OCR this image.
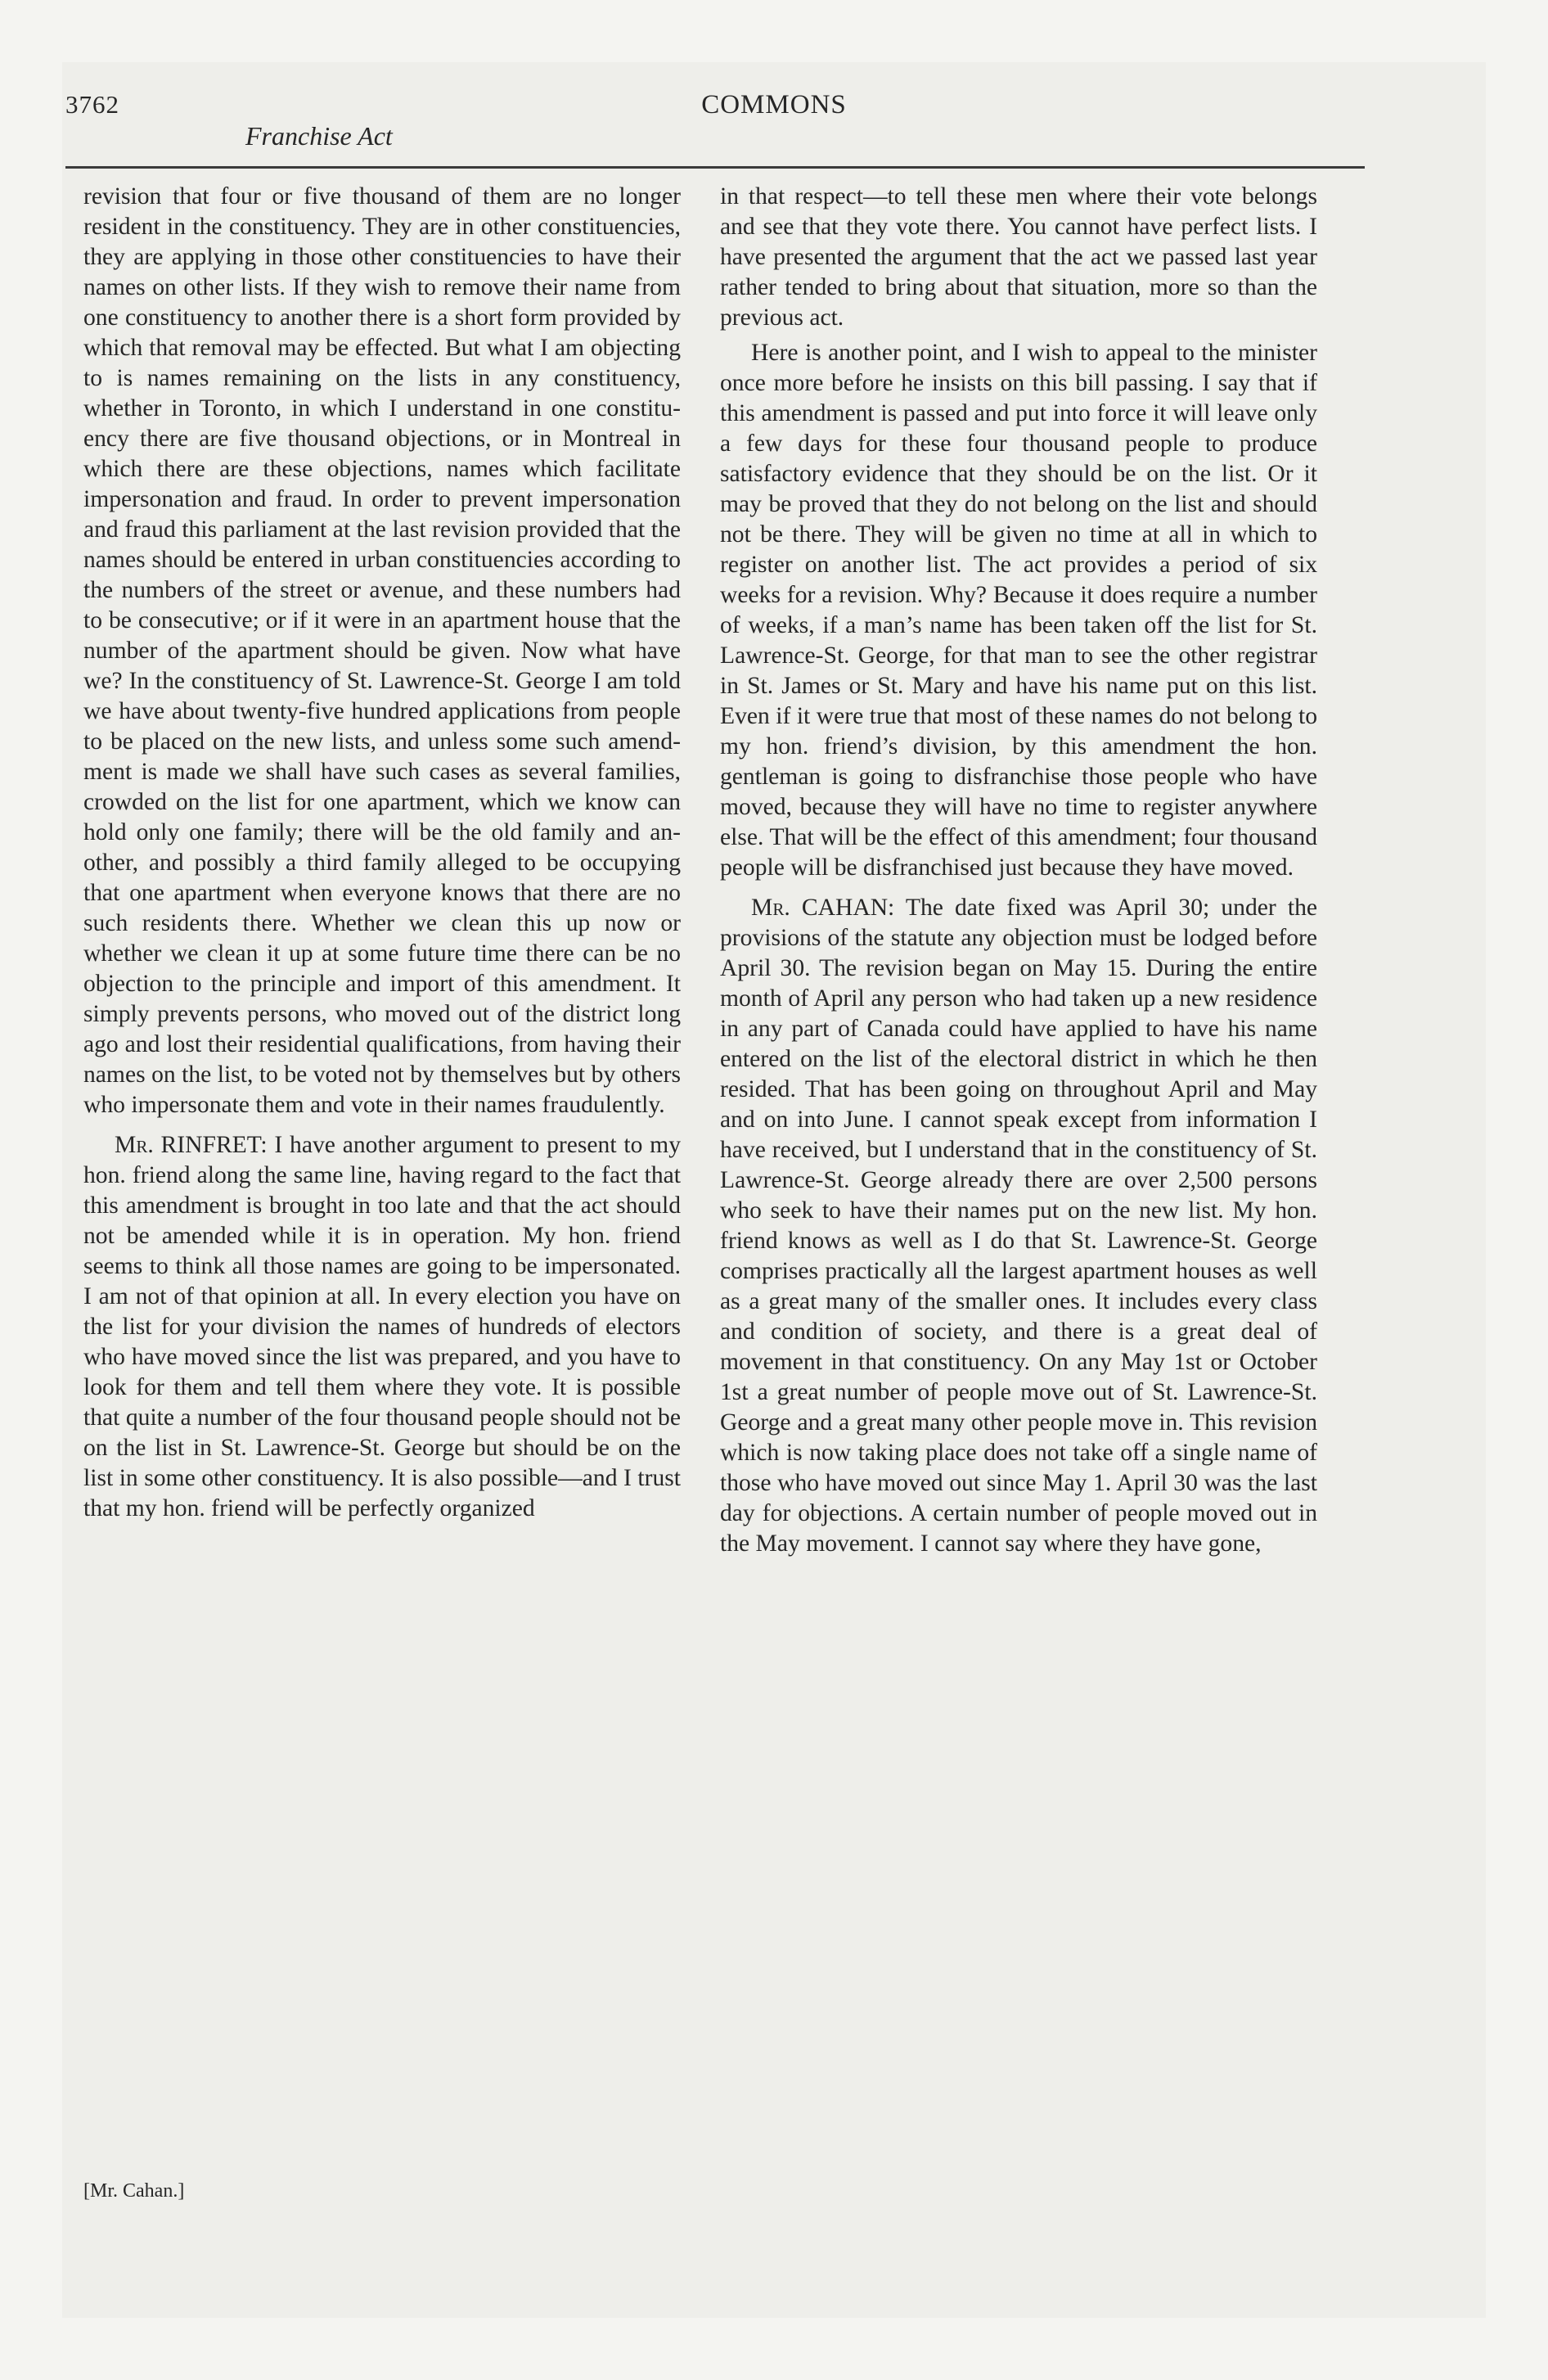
3762	COMMONS
Franchise Act

revision that four or five thousand of them are no longer resident in the constituency. They are in other constituencies, they are applying in those other constituencies to have their names on other lists. If they wish to remove their name from one constituency to another there is a short form provided by which that removal may be effected. But what I am objecting to is names remaining on the lists in any constituency, whether in Toronto, in which I understand in one constituency there are five thousand objections, or in Montreal in which there are these objections, names which facilitate impersonation and fraud. In order to prevent impersonation and fraud this parliament at the last revision provided that the names should be entered in urban constituencies according to the numbers of the street or avenue, and these numbers had to be consecutive; or if it were in an apartment house that the number of the apartment should be given. Now what have we? In the constituency of St. Lawrence-St. George I am told we have about twenty-five hundred applications from people to be placed on the new lists, and unless some such amendment is made we shall have such cases as several families, crowded on the list for one apartment, which we know can hold only one family; there will be the old family and another, and possibly a third family alleged to be occupying that one apartment when everyone knows that there are no such residents there. Whether we clean this up now or whether we clean it up at some future time there can be no objection to the principle and import of this amendment. It simply prevents persons, who moved out of the district long ago and lost their residential qualifications, from having their names on the list, to be voted not by themselves but by others who impersonate them and vote in their names fraudulently.

Mr. RINFRET: I have another argument to present to my hon. friend along the same line, having regard to the fact that this amendment is brought in too late and that the act should not be amended while it is in operation. My hon. friend seems to think all those names are going to be impersonated. I am not of that opinion at all. In every election you have on the list for your division the names of hundreds of electors who have moved since the list was prepared, and you have to look for them and tell them where they vote. It is possible that quite a number of the four thousand people should not be on the list in St. Lawrence-St. George but should be on the list in some other constituency. It is also possible—and I trust that my hon. friend will be perfectly organized

in that respect—to tell these men where their vote belongs and see that they vote there. You cannot have perfect lists. I have presented the argument that the act we passed last year rather tended to bring about that situation, more so than the previous act.

Here is another point, and I wish to appeal to the minister once more before he insists on this bill passing. I say that if this amendment is passed and put into force it will leave only a few days for these four thousand people to produce satisfactory evidence that they should be on the list. Or it may be proved that they do not belong on the list and should not be there. They will be given no time at all in which to register on another list. The act provides a period of six weeks for a revision. Why? Because it does require a number of weeks, if a man’s name has been taken off the list for St. Lawrence-St. George, for that man to see the other registrar in St. James or St. Mary and have his name put on this list. Even if it were true that most of these names do not belong to my hon. friend’s division, by this amendment the hon. gentleman is going to disfranchise those people who have moved, because they will have no time to register anywhere else. That will be the effect of this amendment; four thousand people will be disfranchised just because they have moved.

Mr. CAHAN: The date fixed was April 30; under the provisions of the statute any objection must be lodged before April 30. The revision began on May 15. During the entire month of April any person who had taken up a new residence in any part of Canada could have applied to have his name entered on the list of the electoral district in which he then resided. That has been going on throughout April and May and on into June. I cannot speak except from information I have received, but I understand that in the constituency of St. Lawrence-St. George already there are over 2,500 persons who seek to have their names put on the new list. My hon. friend knows as well as I do that St. Lawrence-St. George comprises practically all the largest apartment houses as well as a great many of the smaller ones. It includes every class and condition of society, and there is a great deal of movement in that constituency. On any May 1st or October 1st a great number of people move out of St. Lawrence-St. George and a great many other people move in. This revision which is now taking place does not take off a single name of those who have moved out since May 1. April 30 was the last day for objections. A certain number of people moved out in the May movement. I cannot say where they have gone,

[Mr. Cahan.]
